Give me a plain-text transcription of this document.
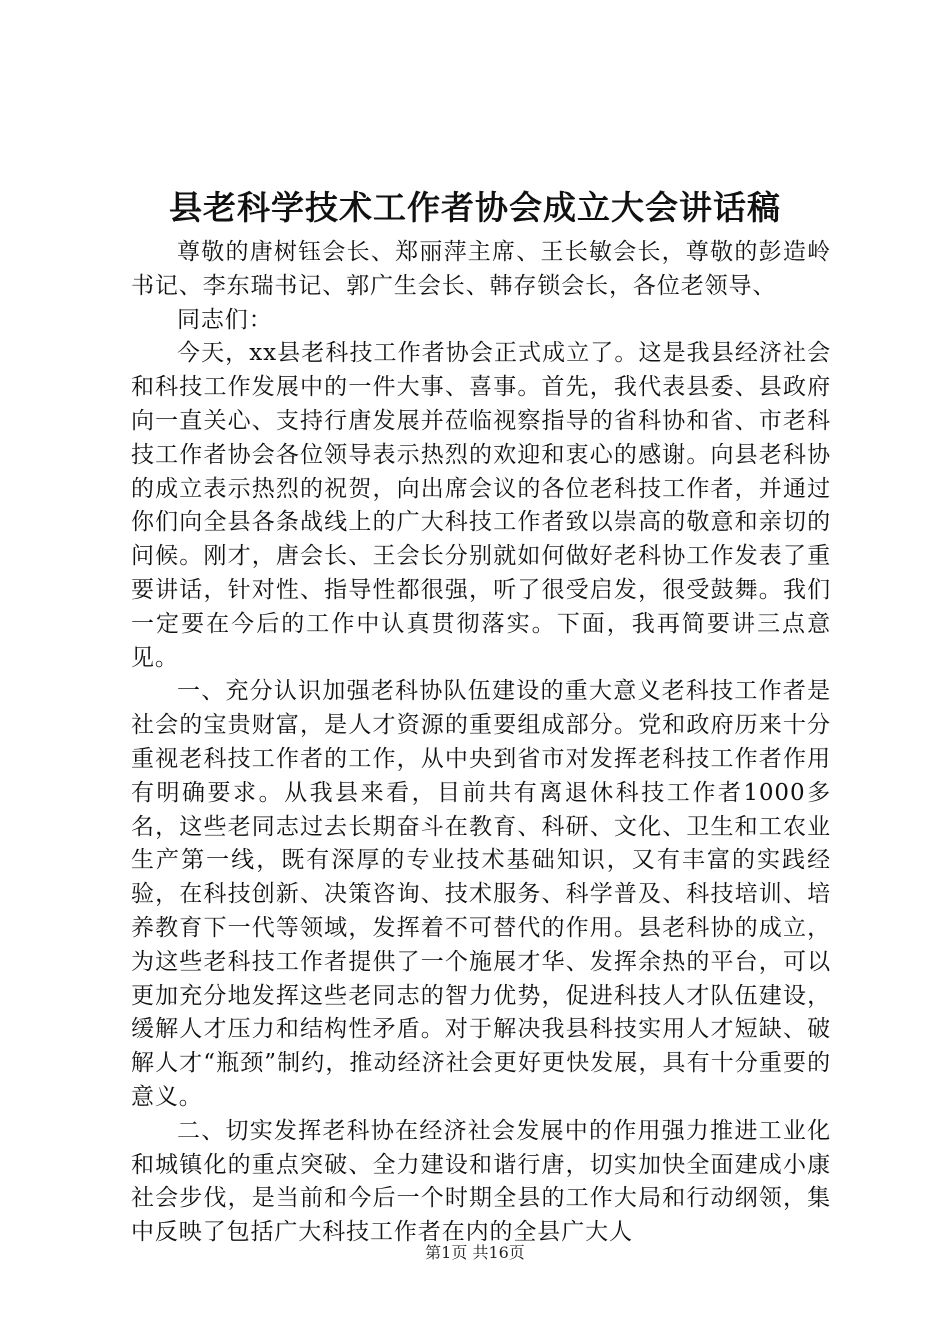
县老科学技术工作者协会成立大会讲话稿

尊敬的唐树钰会长、郑丽萍主席、王长敏会长，尊敬的彭造岭书记、李东瑞书记、郭广生会长、韩存锁会长，各位老领导、

同志们：

今天，xx县老科技工作者协会正式成立了。这是我县经济社会和科技工作发展中的一件大事、喜事。首先，我代表县委、县政府向一直关心、支持行唐发展并莅临视察指导的省科协和省、市老科技工作者协会各位领导表示热烈的欢迎和衷心的感谢。向县老科协的成立表示热烈的祝贺，向出席会议的各位老科技工作者，并通过你们向全县各条战线上的广大科技工作者致以崇高的敬意和亲切的问候。刚才，唐会长、王会长分别就如何做好老科协工作发表了重要讲话，针对性、指导性都很强，听了很受启发，很受鼓舞。我们一定要在今后的工作中认真贯彻落实。下面，我再简要讲三点意见。

一、充分认识加强老科协队伍建设的重大意义老科技工作者是社会的宝贵财富，是人才资源的重要组成部分。党和政府历来十分重视老科技工作者的工作，从中央到省市对发挥老科技工作者作用有明确要求。从我县来看，目前共有离退休科技工作者1000多名，这些老同志过去长期奋斗在教育、科研、文化、卫生和工农业生产第一线，既有深厚的专业技术基础知识，又有丰富的实践经验，在科技创新、决策咨询、技术服务、科学普及、科技培训、培养教育下一代等领域，发挥着不可替代的作用。县老科协的成立，为这些老科技工作者提供了一个施展才华、发挥余热的平台，可以更加充分地发挥这些老同志的智力优势，促进科技人才队伍建设，缓解人才压力和结构性矛盾。对于解决我县科技实用人才短缺、破解人才“瓶颈”制约，推动经济社会更好更快发展，具有十分重要的意义。

二、切实发挥老科协在经济社会发展中的作用强力推进工业化和城镇化的重点突破、全力建设和谐行唐，切实加快全面建成小康社会步伐，是当前和今后一个时期全县的工作大局和行动纲领，集中反映了包括广大科技工作者在内的全县广大人

第1页 共16页
